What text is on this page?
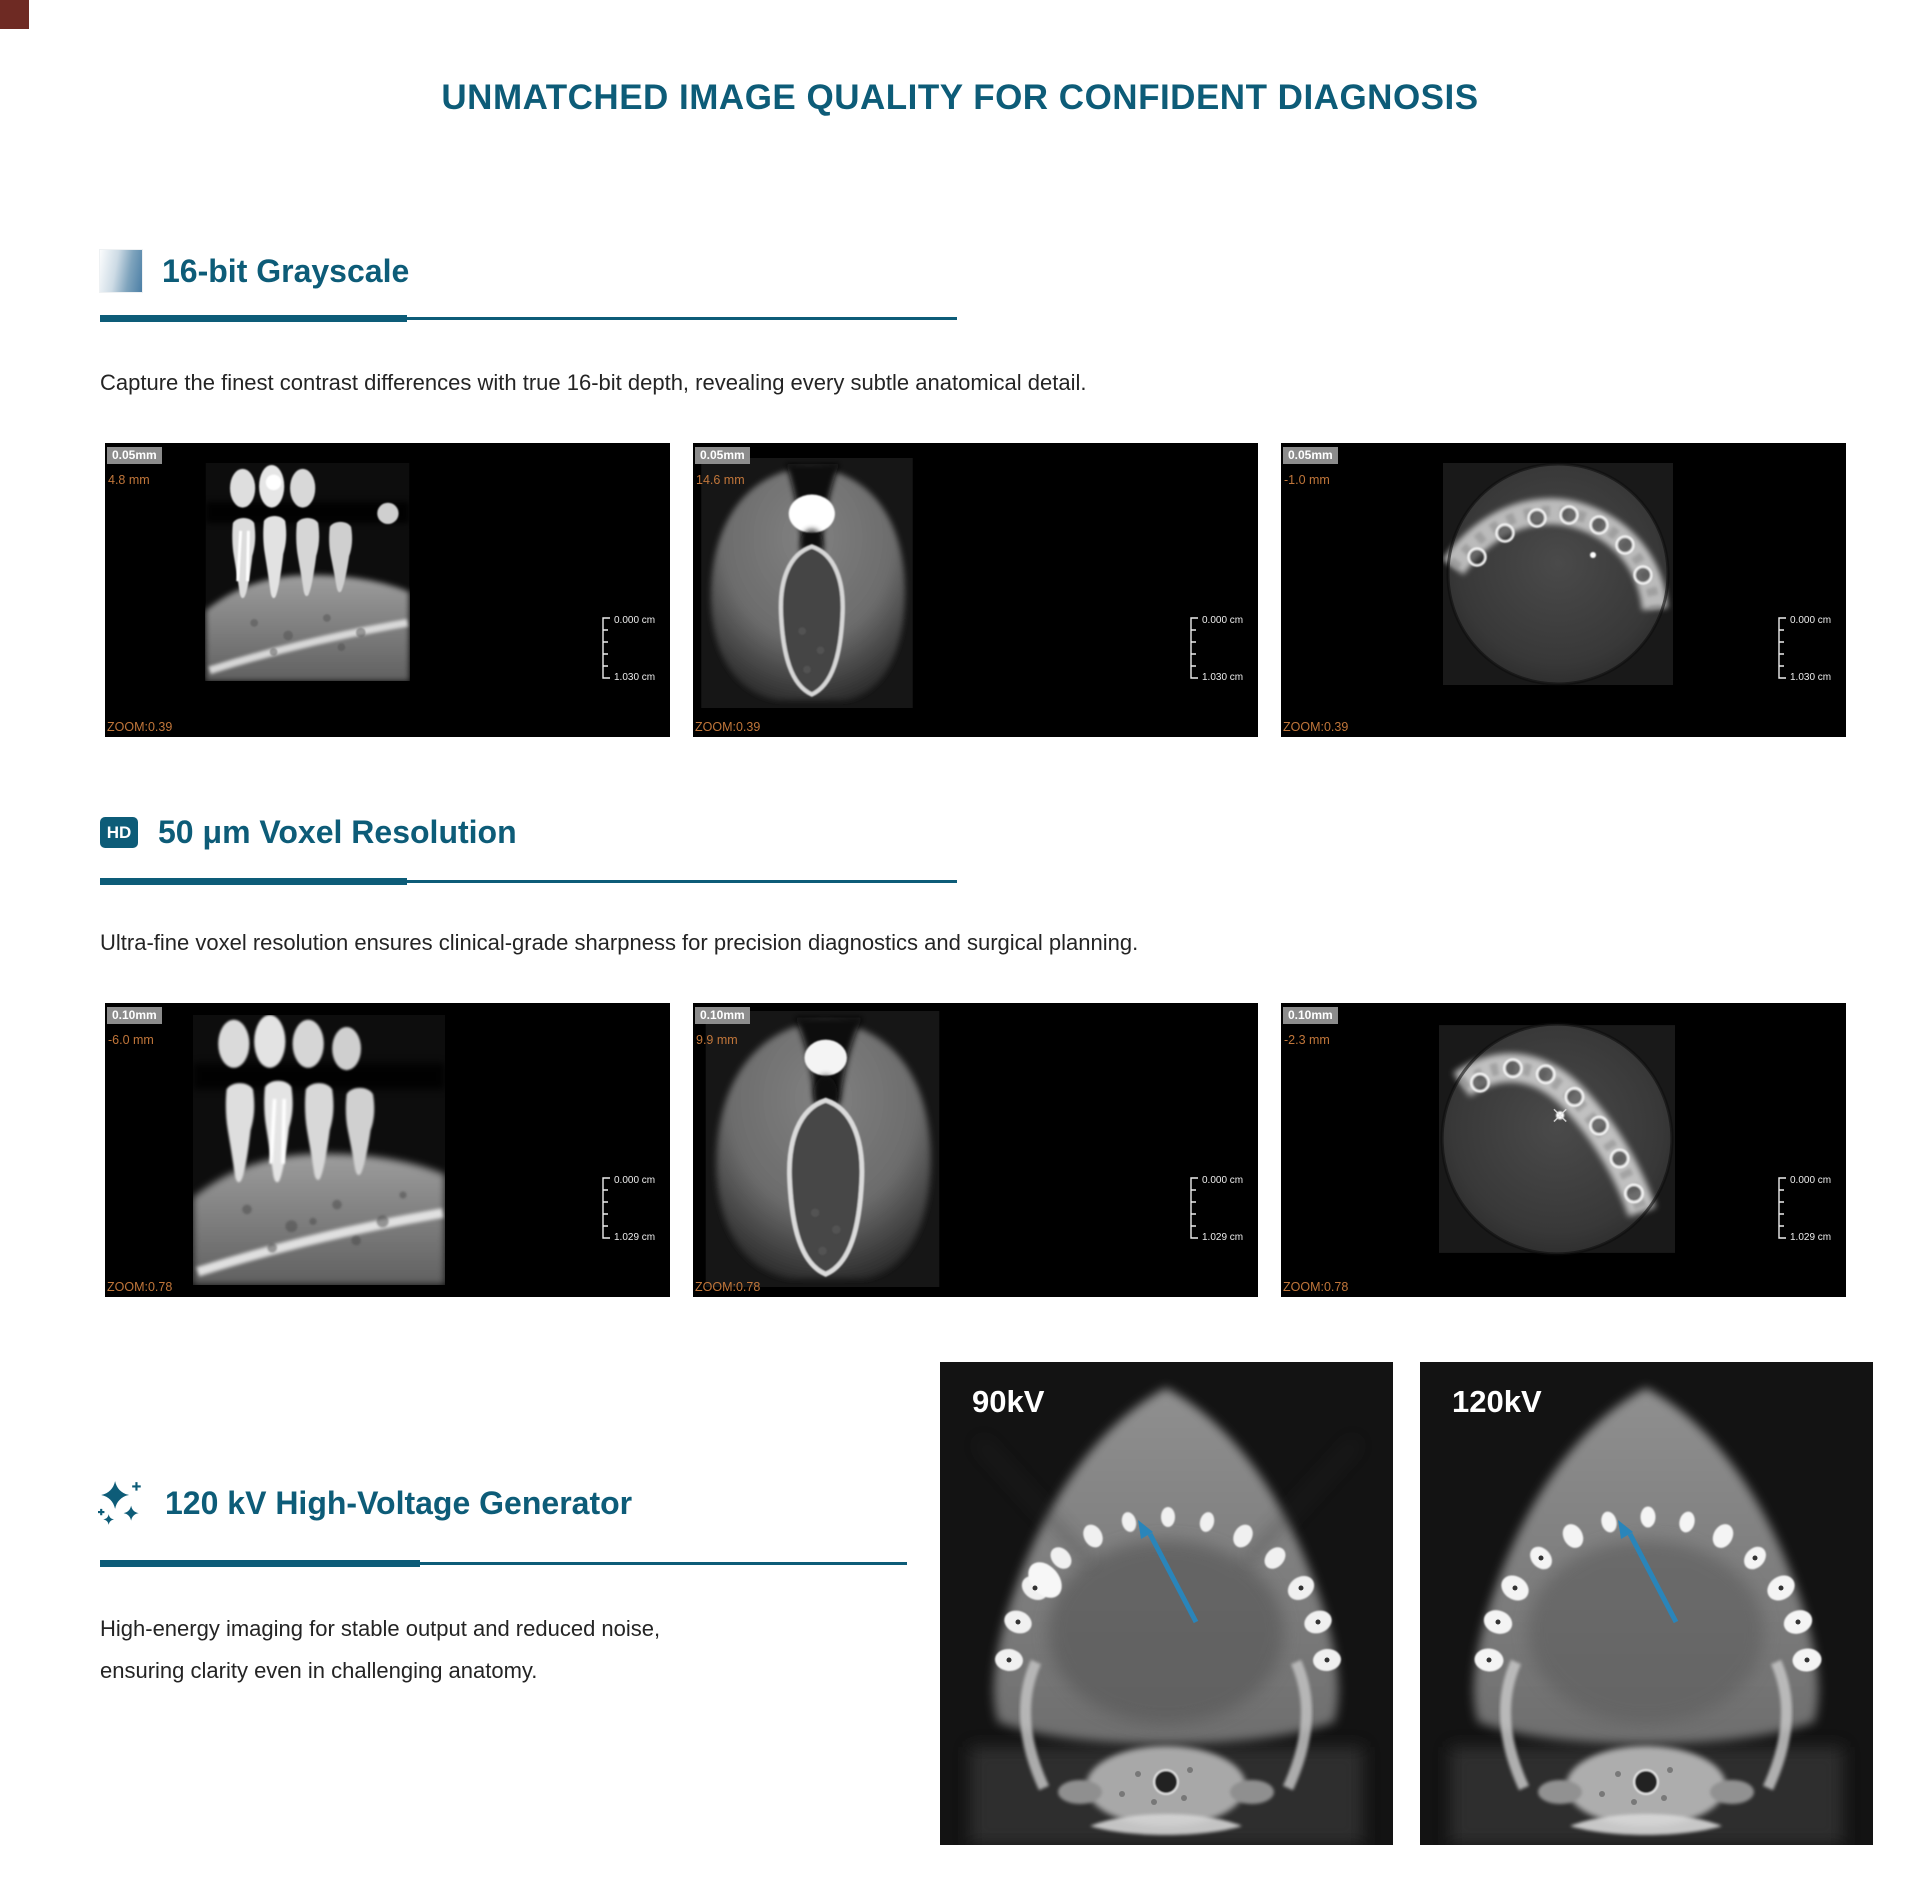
UNMATCHED IMAGE QUALITY FOR CONFIDENT DIAGNOSIS
16-bit Grayscale
Capture the finest contrast differences with true 16-bit depth, revealing every subtle anatomical detail.
0.05mm
4.8 mm
0.000 cm
1.030 cm
ZOOM:0.39
0.05mm
14.6 mm
0.000 cm
1.030 cm
ZOOM:0.39
0.05mm
-1.0 mm
0.000 cm
1.030 cm
ZOOM:0.39
HD 50 μm Voxel Resolution
Ultra-fine voxel resolution ensures clinical-grade sharpness for precision diagnostics and surgical planning.
0.10mm
-6.0 mm
0.000 cm
1.029 cm
ZOOM:0.78
0.10mm
9.9 mm
0.000 cm
1.029 cm
ZOOM:0.78
0.10mm
-2.3 mm
0.000 cm
1.029 cm
ZOOM:0.78
120 kV High-Voltage Generator
High-energy imaging for stable output and reduced noise,
ensuring clarity even in challenging anatomy.
90kV	120kV
